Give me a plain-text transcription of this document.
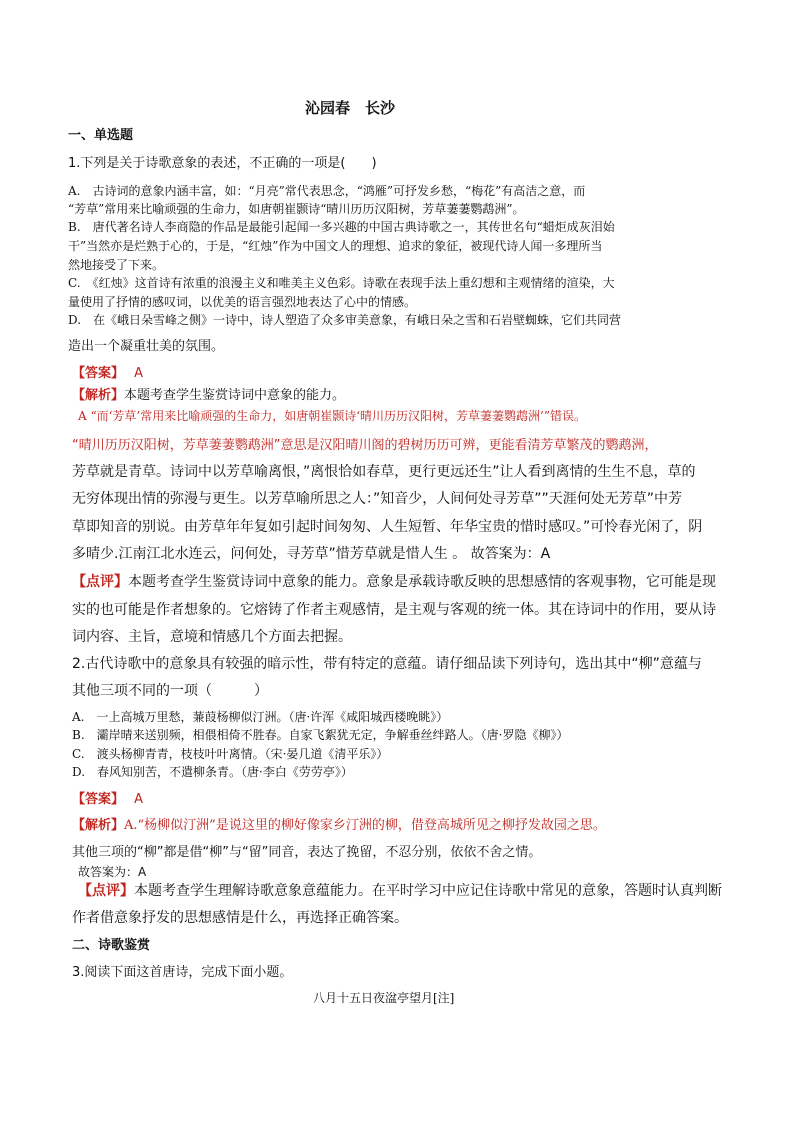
沁园春　长沙
一、单选题
1.下列是关于诗歌意象的表述，不正确的一项是(　　)
A.　古诗词的意象内涵丰富，如：“月亮”常代表思念，“鸿雁”可抒发乡愁，“梅花”有高洁之意，而
“芳草”常用来比喻顽强的生命力，如唐朝崔颢诗“晴川历历汉阳树，芳草萋萋鹦鹉洲”。
B.　唐代著名诗人李商隐的作品是最能引起闻一多兴趣的中国古典诗歌之一，其传世名句“蜡炬成灰泪始
干”当然亦是烂熟于心的，于是，“红烛”作为中国文人的理想、追求的象征，被现代诗人闻一多理所当
然地接受了下来。
C.　《红烛》这首诗有浓重的浪漫主义和唯美主义色彩。诗歌在表现手法上重幻想和主观情绪的渲染，大
量使用了抒情的感叹词，以优美的语言强烈地表达了心中的情感。
D.　在《峨日朵雪峰之侧》一诗中，诗人塑造了众多审美意象，有峨日朵之雪和石岩壁蜘蛛，它们共同营
造出一个凝重壮美的氛围。
【答案】 A
【解析】本题考查学生鉴赏诗词中意象的能力。
A “而‘芳草’常用来比喻顽强的生命力，如唐朝崔颢诗‘晴川历历汉阳树，芳草萋萋鹦鹉洲’”错误。
“晴川历历汉阳树，芳草萋萋鹦鹉洲”意思是汉阳晴川阁的碧树历历可辨，更能看清芳草繁茂的鹦鹉洲，
芳草就是青草。诗词中以芳草喻离恨，”离恨恰如春草，更行更远还生”让人看到离情的生生不息，草的
无穷体现出情的弥漫与更生。以芳草喻所思之人：”知音少，人间何处寻芳草””天涯何处无芳草”中芳
草即知音的别说。由芳草年年复如引起时间匆匆、人生短暂、年华宝贵的惜时感叹。”可怜春光闲了，阴
多晴少.江南江北水连云，问何处，寻芳草”惜芳草就是惜人生 。 故答案为：A
【点评】本题考查学生鉴赏诗词中意象的能力。意象是承载诗歌反映的思想感情的客观事物，它可能是现
实的也可能是作者想象的。它熔铸了作者主观感情，是主观与客观的统一体。其在诗词中的作用，要从诗
词内容、主旨，意境和情感几个方面去把握。
2.古代诗歌中的意象具有较强的暗示性，带有特定的意蕴。请仔细品读下列诗句，选出其中“柳”意蕴与
其他三项不同的一项（　　　）
A.　一上高城万里愁，蒹葭杨柳似汀洲。（唐·许浑《咸阳城西楼晚眺》）
B.　灞岸晴来送别频，相偎相倚不胜春。自家飞絮犹无定，争解垂丝绊路人。（唐·罗隐《柳》）
C.　渡头杨柳青青，枝枝叶叶离情。（宋·晏几道《清平乐》）
D.　春风知别苦，不遣柳条青。（唐·李白《劳劳亭》）
【答案】 A
【解析】A.“杨柳似汀洲”是说这里的柳好像家乡汀洲的柳，借登高城所见之柳抒发故园之思。
其他三项的“柳”都是借“柳”与“留”同音，表达了挽留，不忍分别，依依不舍之情。
故答案为：A
【点评】本题考查学生理解诗歌意象意蕴能力。在平时学习中应记住诗歌中常见的意象，答题时认真判断
作者借意象抒发的思想感情是什么，再选择正确答案。
二、诗歌鉴赏
3.阅读下面这首唐诗，完成下面小题。
八月十五日夜湓亭望月[注]
